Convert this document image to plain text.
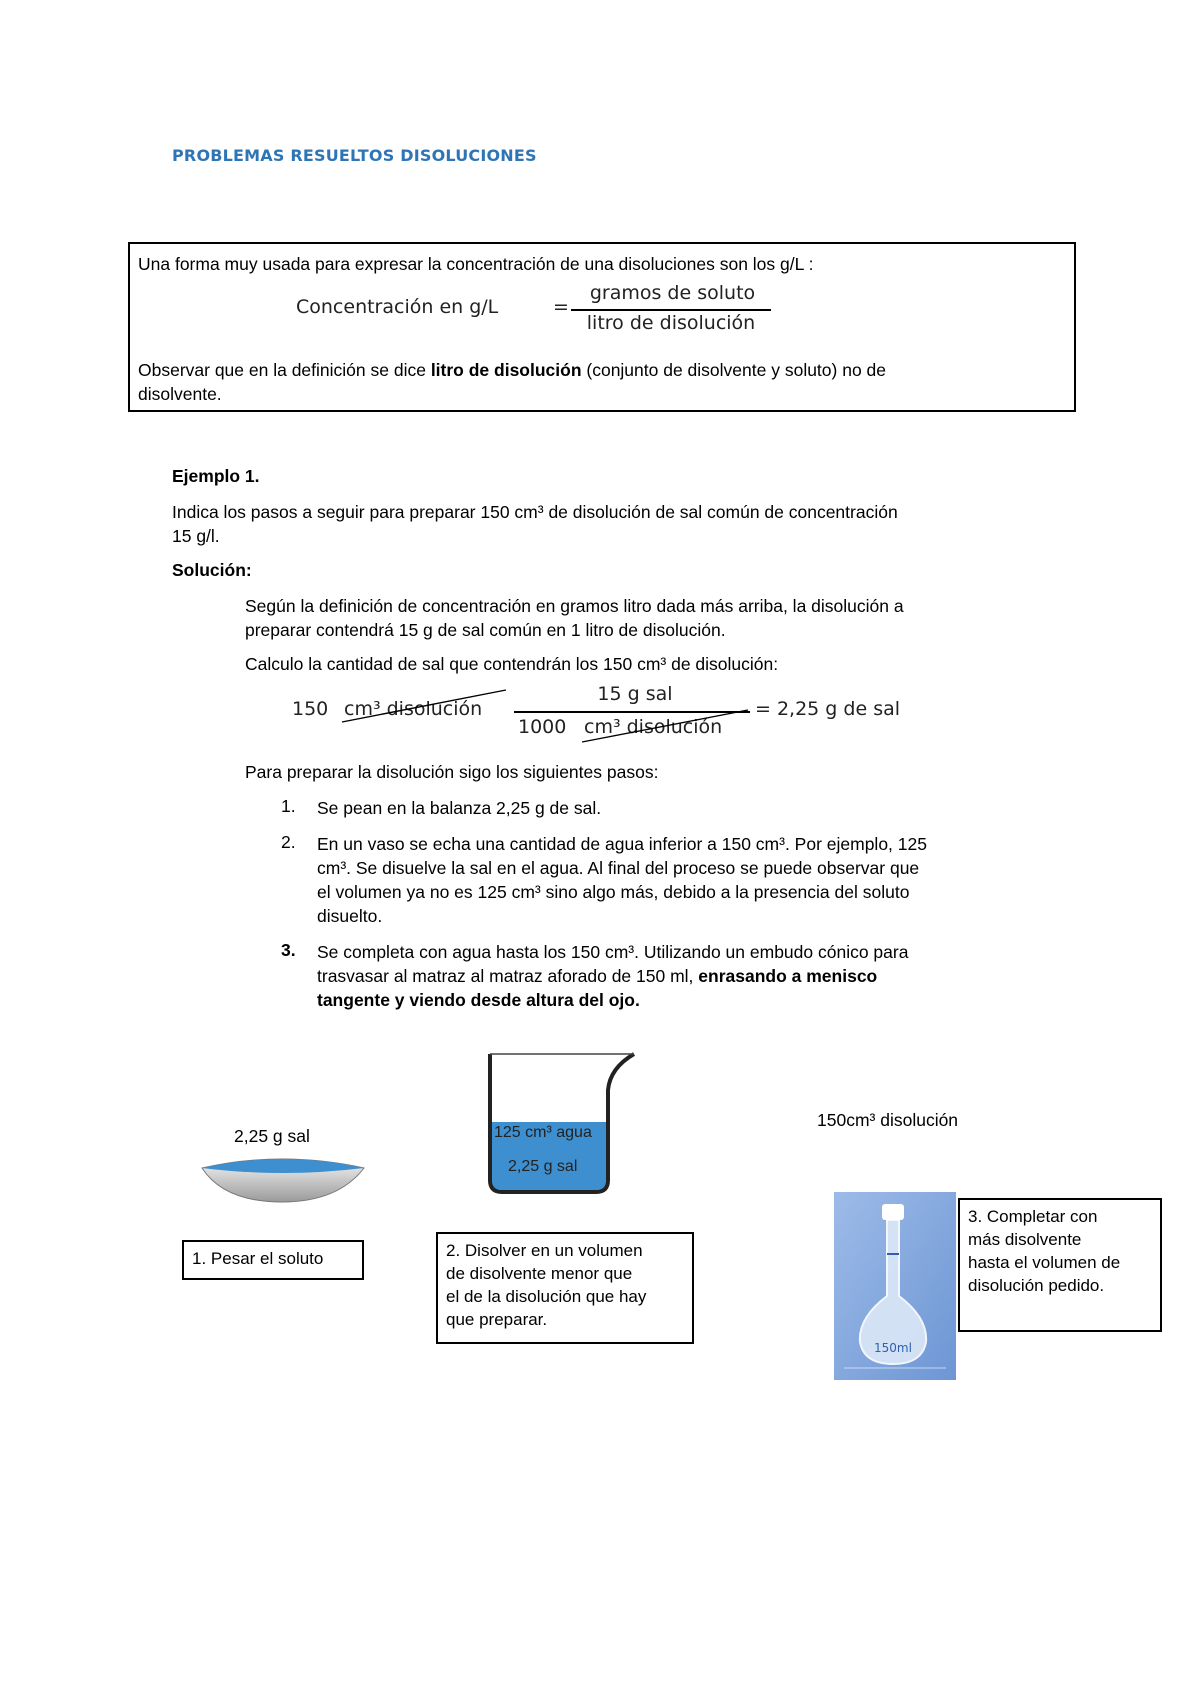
PROBLEMAS RESUELTOS DISOLUCIONES
Una forma muy usada para expresar la concentración de una disoluciones son los g/L :
Concentración en g/L	=
gramos de soluto
litro de disolución
Observar que en la definición se dice litro de disolución (conjunto de disolvente y soluto) no de
disolvente.
Ejemplo 1.
Indica los pasos a seguir para preparar 150 cm³ de disolución de sal común de concentración
15 g/l.
Solución:
Según la definición de concentración en gramos litro dada más arriba, la disolución a
preparar contendrá 15 g de sal común en 1 litro de disolución.
Calculo la cantidad de sal que contendrán los 150 cm³ de disolución:
150 cm³ disolución
15 g sal
1000 cm³ disolución
= 2,25 g de sal
Para preparar la disolución sigo los siguientes pasos:
1. Se pean en la balanza 2,25 g de sal.
2. En un vaso se echa una cantidad de agua inferior a 150 cm³. Por ejemplo, 125
cm³. Se disuelve la sal en el agua. Al final del proceso se puede observar que
el volumen ya no es 125 cm³ sino algo más, debido a la presencia del soluto
disuelto.
3. Se completa con agua hasta los 150 cm³. Utilizando un embudo cónico para
trasvasar al matraz al matraz aforado de 150 ml, enrasando a menisco
tangente y viendo desde altura del ojo.
2,25 g sal
1. Pesar el soluto
125 cm³ agua
2,25 g sal
2. Disolver en un volumen
de disolvente menor que
el de la disolución que hay
que preparar.
150cm³ disolución
150ml
3. Completar con
más disolvente
hasta el volumen de
disolución pedido.
